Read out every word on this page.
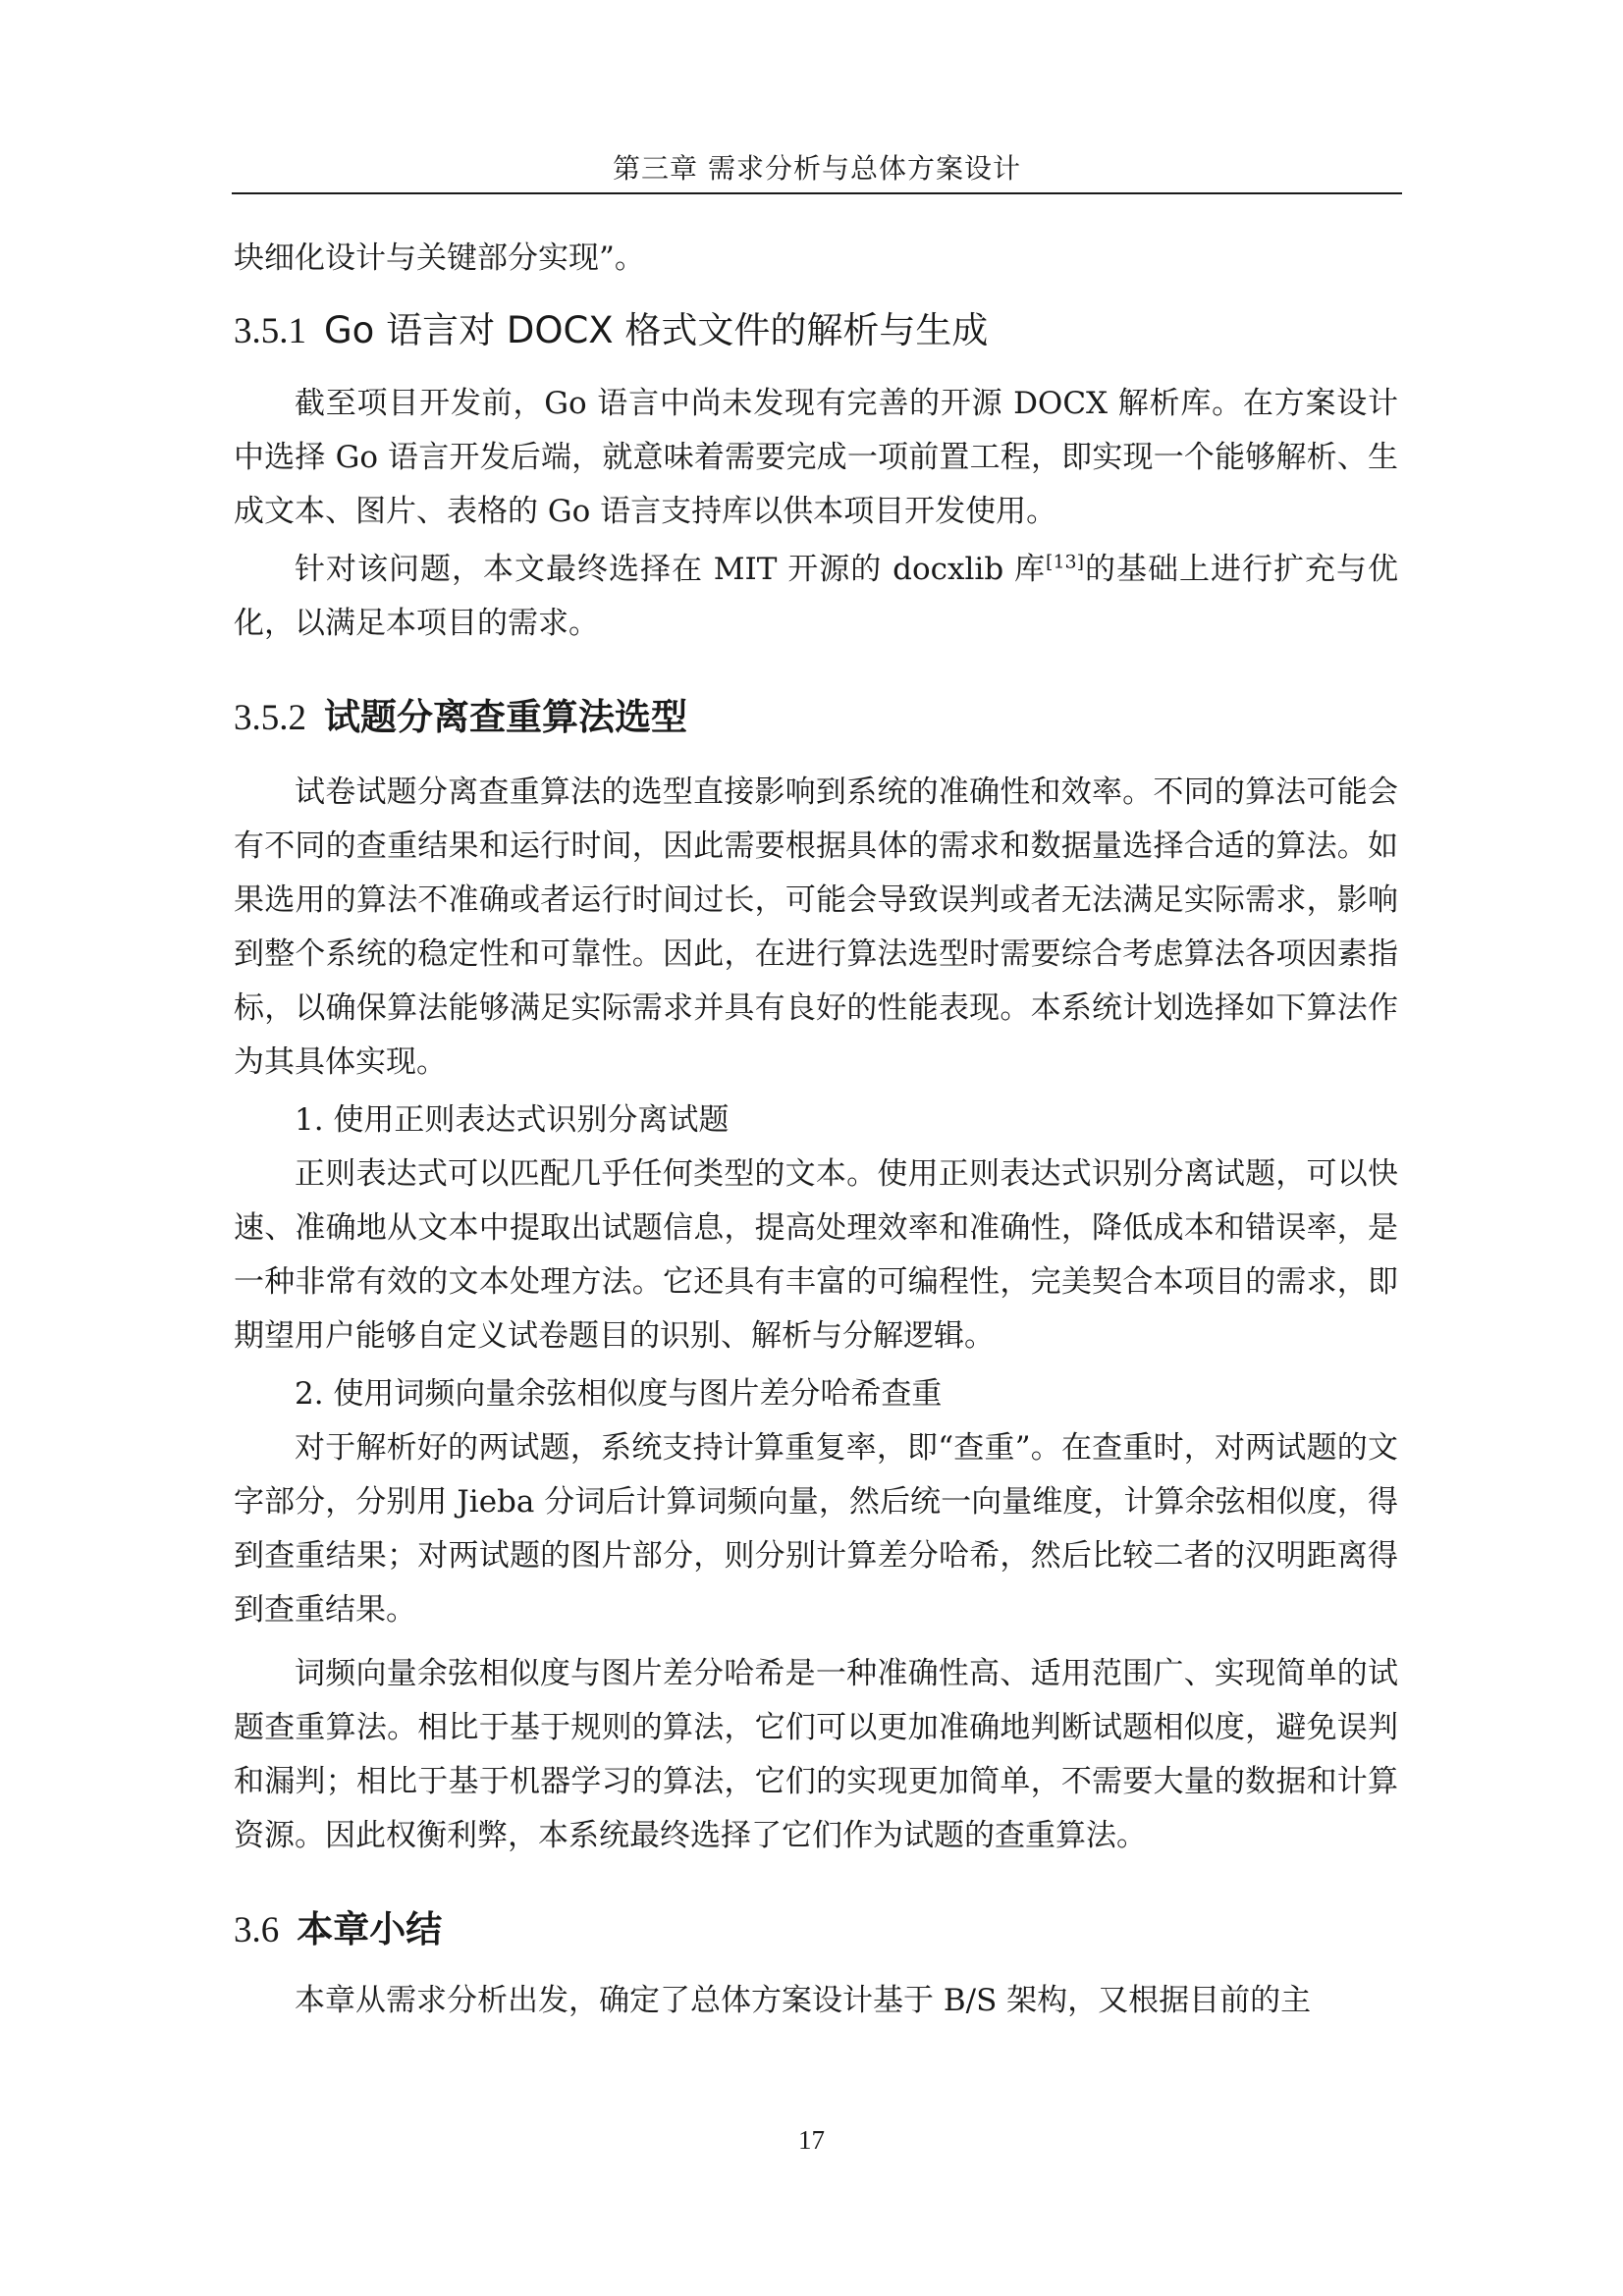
第三章 需求分析与总体方案设计

块细化设计与关键部分实现”。

3.5.1 Go 语言对 DOCX 格式文件的解析与生成

截至项目开发前，Go 语言中尚未发现有完善的开源 DOCX 解析库。在方案设计中选择 Go 语言开发后端，就意味着需要完成一项前置工程，即实现一个能够解析、生成文本、图片、表格的 Go 语言支持库以供本项目开发使用。

针对该问题，本文最终选择在 MIT 开源的 docxlib 库[13]的基础上进行扩充与优化，以满足本项目的需求。

3.5.2 试题分离查重算法选型

试卷试题分离查重算法的选型直接影响到系统的准确性和效率。不同的算法可能会有不同的查重结果和运行时间，因此需要根据具体的需求和数据量选择合适的算法。如果选用的算法不准确或者运行时间过长，可能会导致误判或者无法满足实际需求，影响到整个系统的稳定性和可靠性。因此，在进行算法选型时需要综合考虑算法各项因素指标，以确保算法能够满足实际需求并具有良好的性能表现。本系统计划选择如下算法作为其具体实现。

1. 使用正则表达式识别分离试题

正则表达式可以匹配几乎任何类型的文本。使用正则表达式识别分离试题，可以快速、准确地从文本中提取出试题信息，提高处理效率和准确性，降低成本和错误率，是一种非常有效的文本处理方法。它还具有丰富的可编程性，完美契合本项目的需求，即期望用户能够自定义试卷题目的识别、解析与分解逻辑。

2. 使用词频向量余弦相似度与图片差分哈希查重

对于解析好的两试题，系统支持计算重复率，即“查重”。在查重时，对两试题的文字部分，分别用 Jieba 分词后计算词频向量，然后统一向量维度，计算余弦相似度，得到查重结果；对两试题的图片部分，则分别计算差分哈希，然后比较二者的汉明距离得到查重结果。

词频向量余弦相似度与图片差分哈希是一种准确性高、适用范围广、实现简单的试题查重算法。相比于基于规则的算法，它们可以更加准确地判断试题相似度，避免误判和漏判；相比于基于机器学习的算法，它们的实现更加简单，不需要大量的数据和计算资源。因此权衡利弊，本系统最终选择了它们作为试题的查重算法。

3.6 本章小结

本章从需求分析出发，确定了总体方案设计基于 B/S 架构，又根据目前的主

17
